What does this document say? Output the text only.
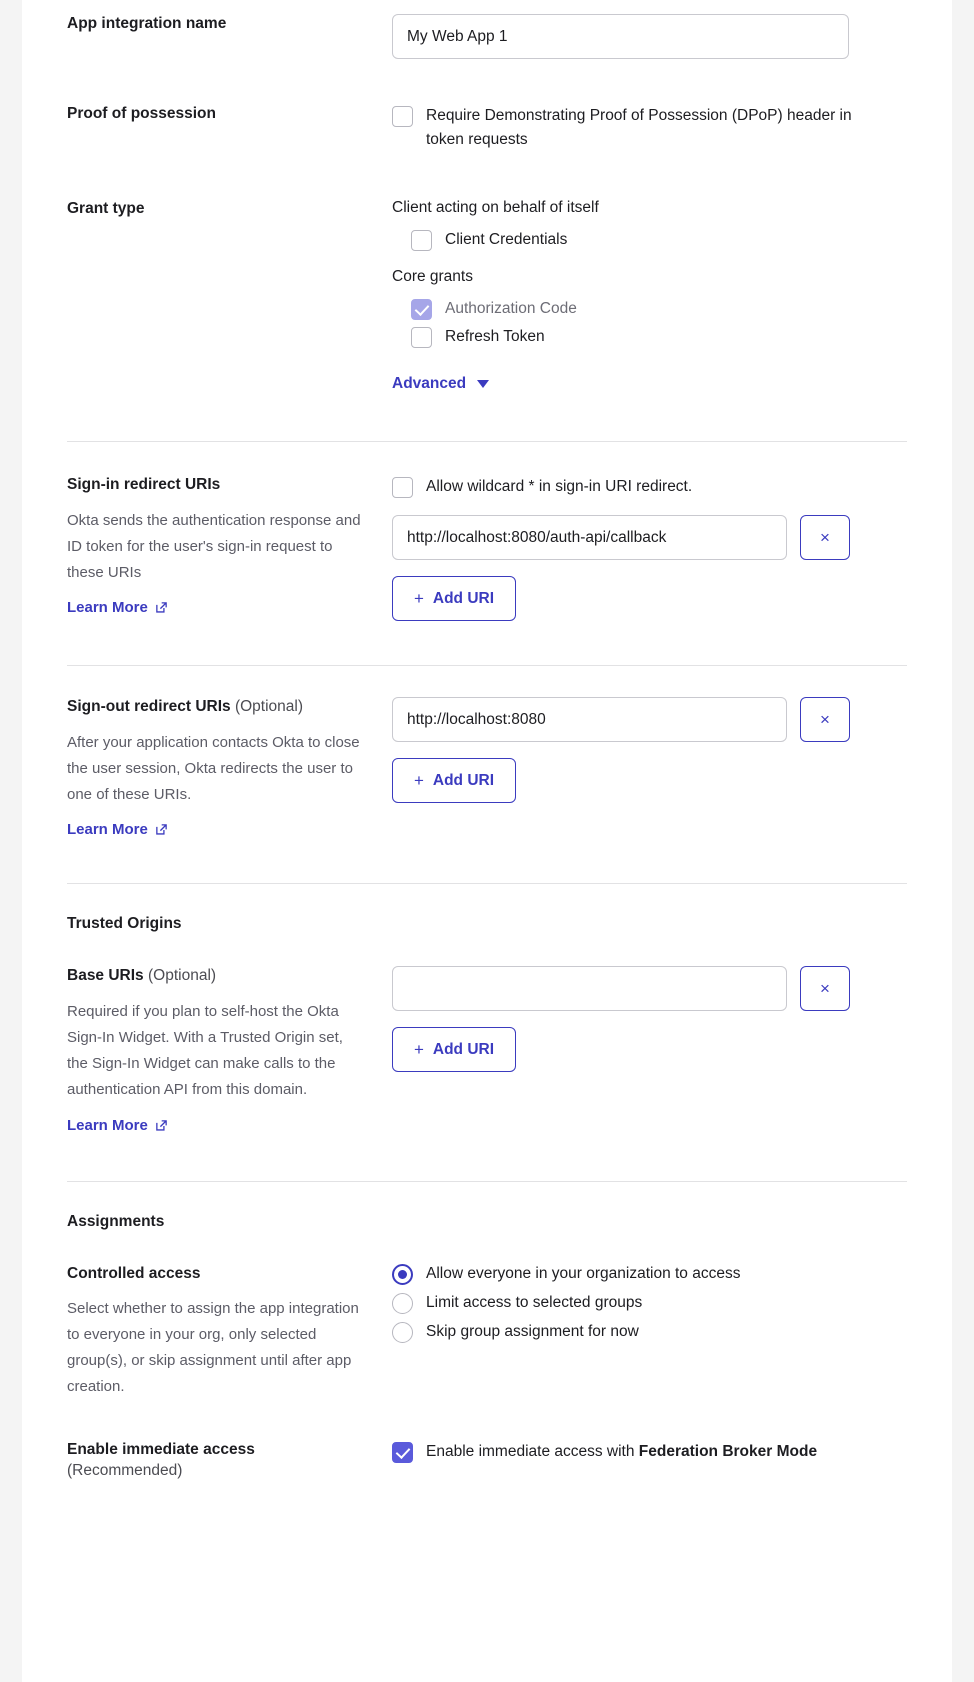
App integration name
My Web App 1
Proof of possession	Require Demonstrating Proof of Possession (DPoP) header in token requests
Grant type	Client acting on behalf of itself
Client Credentials
Core grants
Authorization Code
Refresh Token
Advanced
Sign-in redirect URIs
Okta sends the authentication response and ID token for the user's sign-in request to these URIs
Learn More
Allow wildcard * in sign-in URI redirect.
http://localhost:8080/auth-api/callback
×
+ Add URI
Sign-out redirect URIs (Optional)
After your application contacts Okta to close the user session, Okta redirects the user to one of these URIs.
Learn More
http://localhost:8080
×
+ Add URI
Trusted Origins
Base URIs (Optional)
Required if you plan to self-host the Okta Sign-In Widget. With a Trusted Origin set, the Sign-In Widget can make calls to the authentication API from this domain.
Learn More
×
+ Add URI
Assignments
Controlled access
Select whether to assign the app integration to everyone in your org, only selected group(s), or skip assignment until after app creation.
Allow everyone in your organization to access
Limit access to selected groups
Skip group assignment for now
Enable immediate access (Recommended)
Enable immediate access with Federation Broker Mode
